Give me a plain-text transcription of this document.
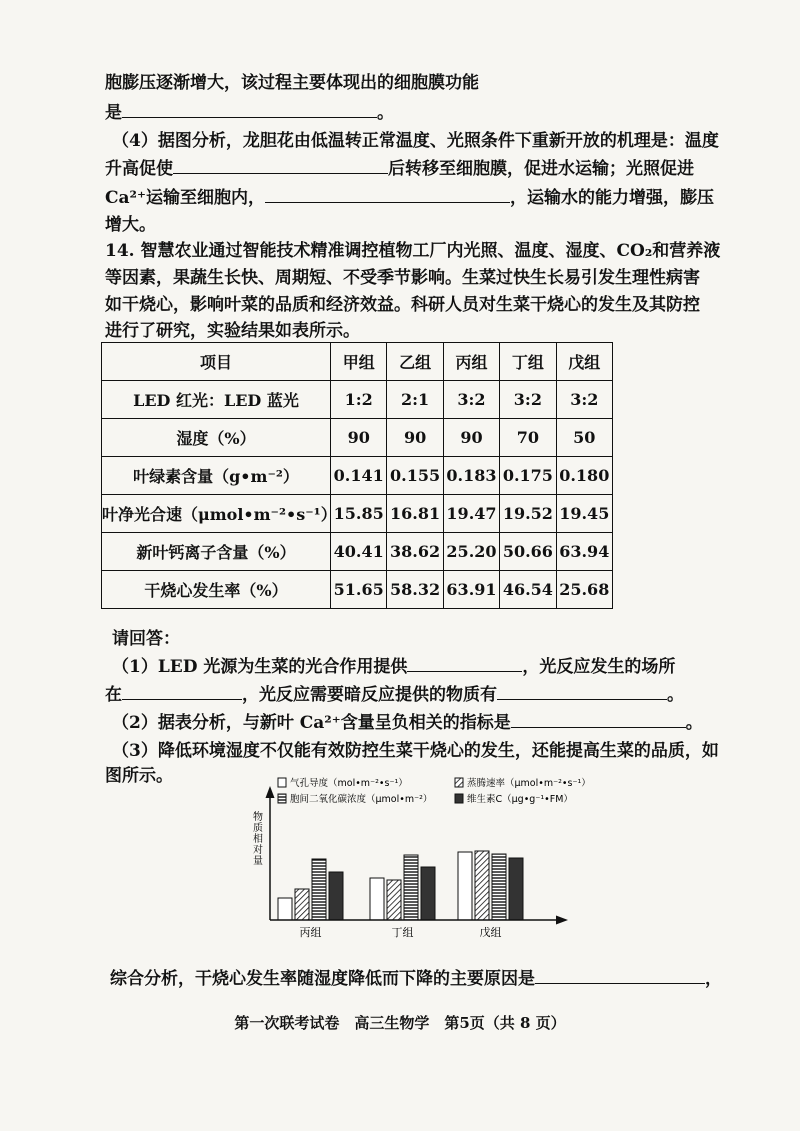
胞膨压逐渐增大，该过程主要体现出的细胞膜功能
是	。
（4）据图分析，龙胆花由低温转正常温度、光照条件下重新开放的机理是：温度
升高促使	后转移至细胞膜，促进水运输；光照促进
Ca²⁺运输至细胞内，	，运输水的能力增强，膨压
增大。
14. 智慧农业通过智能技术精准调控植物工厂内光照、温度、湿度、CO₂和营养液
等因素，果蔬生长快、周期短、不受季节影响。生菜过快生长易引发生理性病害
如干烧心，影响叶菜的品质和经济效益。科研人员对生菜干烧心的发生及其防控
进行了研究，实验结果如表所示。
项目	甲组	乙组	丙组	丁组	戊组
LED 红光：LED 蓝光	1:2	2:1	3:2	3:2	3:2
湿度（%）	90	90	90	70	50
叶绿素含量（g•m⁻²）	0.141	0.155	0.183	0.175	0.180
叶净光合速（μmol•m⁻²•s⁻¹）	15.85	16.81	19.47	19.52	19.45
新叶钙离子含量（%）	40.41	38.62	25.20	50.66	63.94
干烧心发生率（%）	51.65	58.32	63.91	46.54	25.68
请回答：
（1）LED 光源为生菜的光合作用提供	，光反应发生的场所
在	，光反应需要暗反应提供的物质有	。
（2）据表分析，与新叶 Ca²⁺含量呈负相关的指标是	。
（3）降低环境湿度不仅能有效防控生菜干烧心的发生，还能提高生菜的品质，如
图所示。	气孔导度（mol•m⁻²•s⁻¹）	蒸腾速率（μmol•m⁻²•s⁻¹）
胞间二氧化碳浓度（μmol•m⁻²）	维生素C（μg•g⁻¹•FM）
物质相对量
丙组	丁组	戊组
综合分析，干烧心发生率随湿度降低而下降的主要原因是	，
第一次联考试卷　高三生物学　第5页（共 8 页）
